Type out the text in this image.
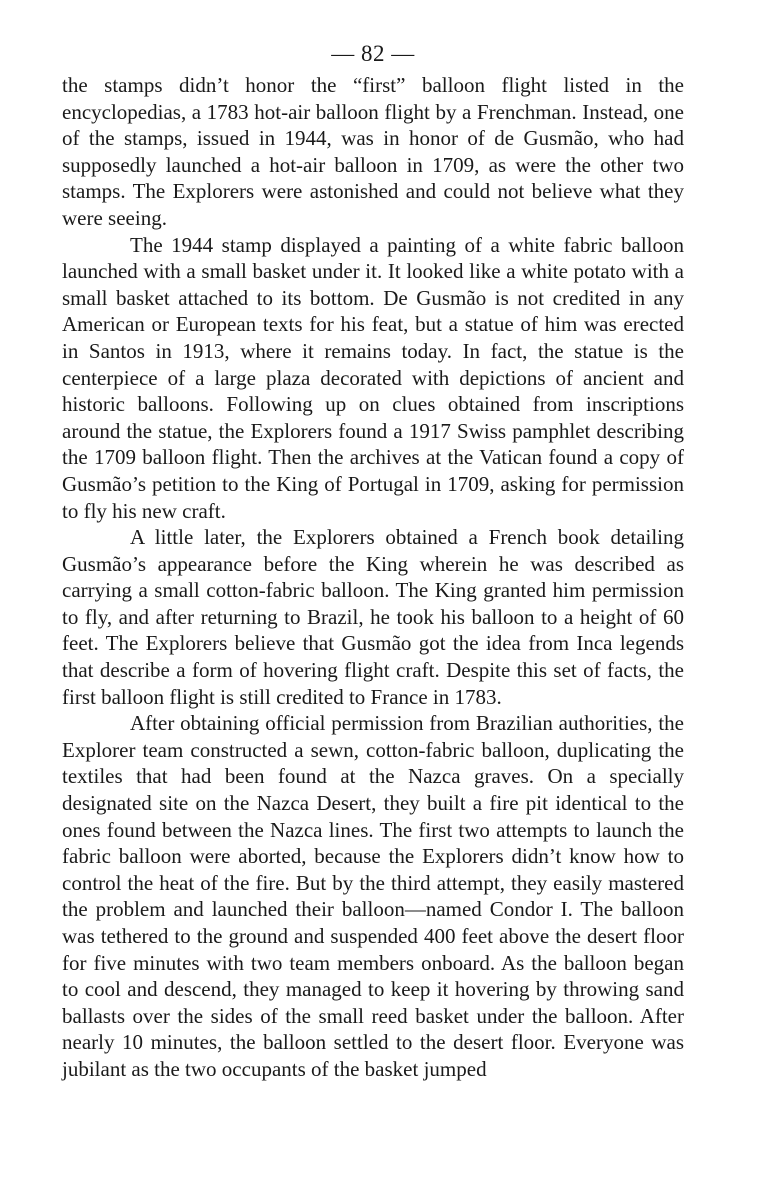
— 82 —

the stamps didn’t honor the “first” balloon flight listed in the encyclopedias, a 1783 hot-air balloon flight by a Frenchman. Instead, one of the stamps, issued in 1944, was in honor of de Gusmão, who had supposedly launched a hot-air balloon in 1709, as were the other two stamps. The Explorers were astonished and could not believe what they were seeing.

The 1944 stamp displayed a painting of a white fabric balloon launched with a small basket under it. It looked like a white potato with a small basket attached to its bottom. De Gusmão is not credited in any American or European texts for his feat, but a statue of him was erected in Santos in 1913, where it remains today. In fact, the statue is the centerpiece of a large plaza decorated with depictions of ancient and historic balloons. Following up on clues obtained from inscriptions around the statue, the Explorers found a 1917 Swiss pamphlet describing the 1709 balloon flight. Then the archives at the Vatican found a copy of Gusmão’s petition to the King of Portugal in 1709, asking for permission to fly his new craft.

A little later, the Explorers obtained a French book detailing Gusmão’s appearance before the King wherein he was described as carrying a small cotton-fabric balloon. The King granted him permission to fly, and after returning to Brazil, he took his balloon to a height of 60 feet. The Explorers believe that Gusmão got the idea from Inca legends that describe a form of hovering flight craft. Despite this set of facts, the first balloon flight is still credited to France in 1783.

After obtaining official permission from Brazilian authorities, the Explorer team constructed a sewn, cotton-fabric balloon, duplicating the textiles that had been found at the Nazca graves. On a specially designated site on the Nazca Desert, they built a fire pit identical to the ones found between the Nazca lines. The first two attempts to launch the fabric balloon were aborted, because the Explorers didn’t know how to control the heat of the fire. But by the third attempt, they easily mastered the problem and launched their balloon—named Condor I. The balloon was tethered to the ground and suspended 400 feet above the desert floor for five minutes with two team members onboard. As the balloon began to cool and descend, they managed to keep it hovering by throwing sand ballasts over the sides of the small reed basket under the balloon. After nearly 10 minutes, the balloon settled to the desert floor. Everyone was jubilant as the two occupants of the basket jumped
